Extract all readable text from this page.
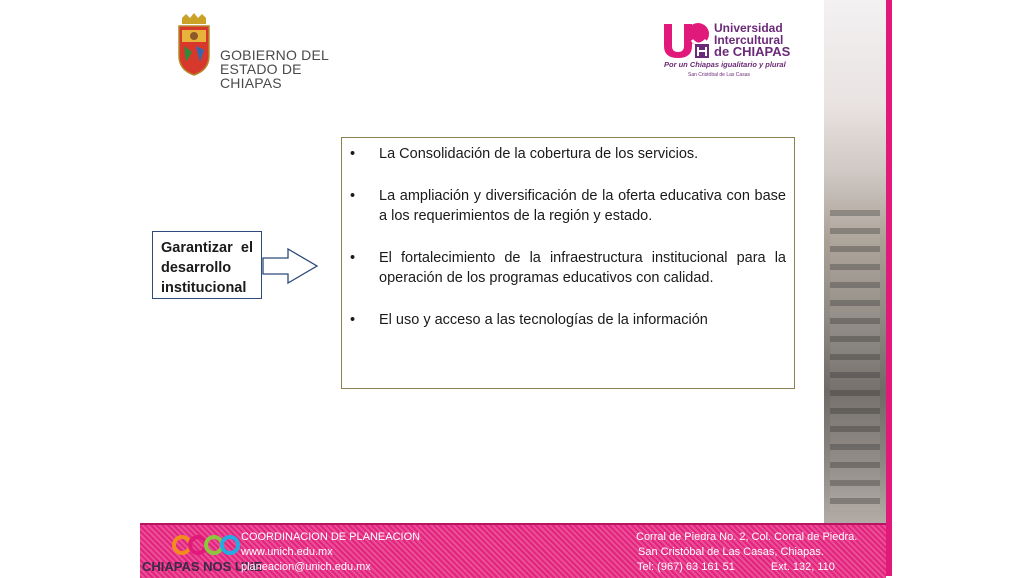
GOBIERNO DEL
ESTADO DE CHIAPAS
Universidad
Intercultural
de CHIAPAS
Por un Chiapas igualitario y plural
San Cristóbal de Las Casas
Garantizar el
desarrollo
institucional
• La Consolidación de la cobertura de los servicios.
• La ampliación y diversificación de la oferta educativa con base a los requerimientos de la región y estado.
• El fortalecimiento de la infraestructura institucional para la operación de los programas educativos con calidad.
• El uso y acceso a las tecnologías de la información
CHIAPAS NOS UNE
COORDINACION DE PLANEACION
www.unich.edu.mx
planeacion@unich.edu.mx
Corral de Piedra No. 2, Col. Corral de Piedra.
San Cristóbal de Las Casas, Chiapas.
Tel: (967) 63 161 51	Ext. 132, 110
